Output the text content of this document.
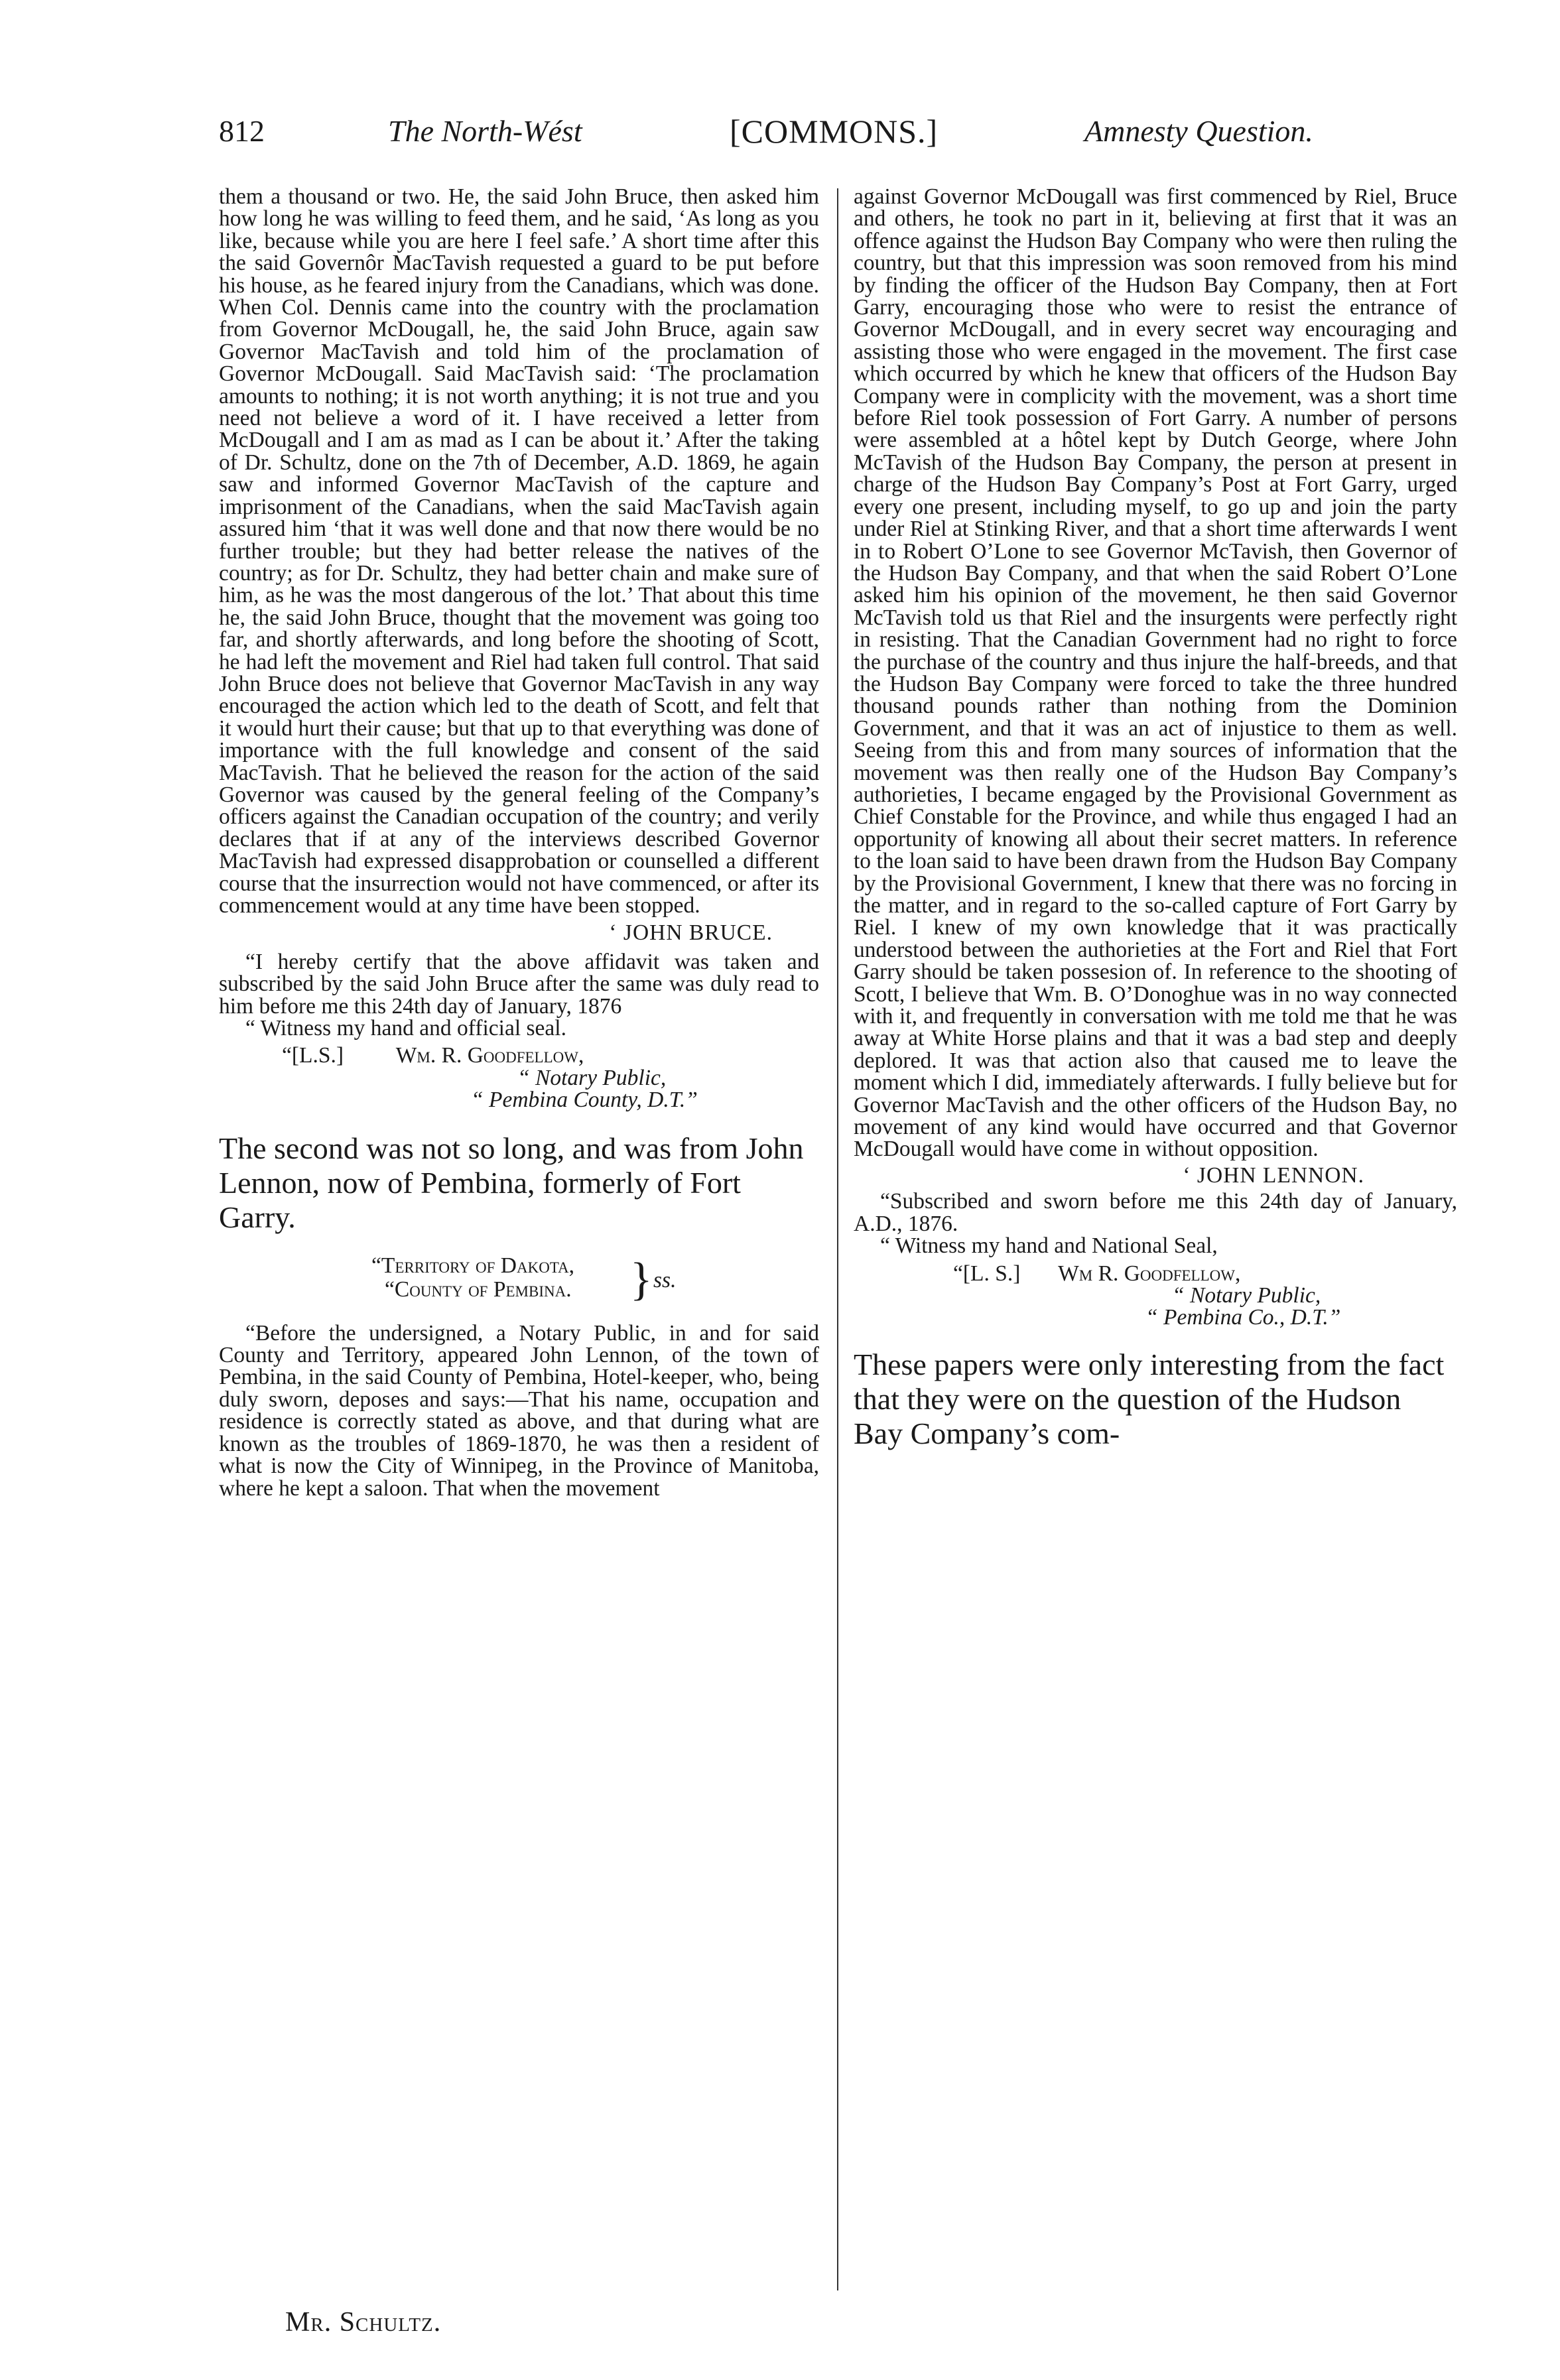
812	The North-Wést	[COMMONS.]	Amnesty Question.

them a thousand or two. He, the said John Bruce, then asked him how long he was willing to feed them, and he said, ‘As long as you like, because while you are here I feel safe.’ A short time after this the said Governôr MacTavish requested a guard to be put before his house, as he feared injury from the Canadians, which was done. When Col. Dennis came into the country with the proclamation from Governor McDougall, he, the said John Bruce, again saw Governor MacTavish and told him of the proclamation of Governor McDougall. Said MacTavish said: ‘The proclamation amounts to nothing; it is not worth anything; it is not true and you need not believe a word of it. I have received a letter from McDougall and I am as mad as I can be about it.’ After the taking of Dr. Schultz, done on the 7th of December, A.D. 1869, he again saw and informed Governor MacTavish of the capture and imprisonment of the Canadians, when the said MacTavish again assured him ‘that it was well done and that now there would be no further trouble; but they had better release the natives of the country; as for Dr. Schultz, they had better chain and make sure of him, as he was the most dangerous of the lot.’ That about this time he, the said John Bruce, thought that the movement was going too far, and shortly afterwards, and long before the shooting of Scott, he had left the movement and Riel had taken full control. That said John Bruce does not believe that Governor MacTavish in any way encouraged the action which led to the death of Scott, and felt that it would hurt their cause; but that up to that everything was done of importance with the full knowledge and consent of the said MacTavish. That he believed the reason for the action of the said Governor was caused by the general feeling of the Company’s officers against the Canadian occupation of the country; and verily declares that if at any of the interviews described Governor MacTavish had expressed disapprobation or counselled a different course that the insurrection would not have commenced, or after its commencement would at any time have been stopped.

‘ JOHN BRUCE.

“I hereby certify that the above affidavit was taken and subscribed by the said John Bruce after the same was duly read to him before me this 24th day of January, 1876

“ Witness my hand and official seal.

“[L.S.] Wm. R. Goodfellow,
“ Notary Public,
“ Pembina County, D.T.”

The second was not so long, and was from John Lennon, now of Pembina, formerly of Fort Garry.

“Territory of Dakota,
“County of Pembina. } ss.

“Before the undersigned, a Notary Public, in and for said County and Territory, appeared John Lennon, of the town of Pembina, in the said County of Pembina, Hotel-keeper, who, being duly sworn, deposes and says:—That his name, occupation and residence is correctly stated as above, and that during what are known as the troubles of 1869-1870, he was then a resident of what is now the City of Winnipeg, in the Province of Manitoba, where he kept a saloon. That when the movement

against Governor McDougall was first commenced by Riel, Bruce and others, he took no part in it, believing at first that it was an offence against the Hudson Bay Company who were then ruling the country, but that this impression was soon removed from his mind by finding the officer of the Hudson Bay Company, then at Fort Garry, encouraging those who were to resist the entrance of Governor McDougall, and in every secret way encouraging and assisting those who were engaged in the movement. The first case which occurred by which he knew that officers of the Hudson Bay Company were in complicity with the movement, was a short time before Riel took possession of Fort Garry. A number of persons were assembled at a hôtel kept by Dutch George, where John McTavish of the Hudson Bay Company, the person at present in charge of the Hudson Bay Company’s Post at Fort Garry, urged every one present, including myself, to go up and join the party under Riel at Stinking River, and that a short time afterwards I went in to Robert O’Lone to see Governor McTavish, then Governor of the Hudson Bay Company, and that when the said Robert O’Lone asked him his opinion of the movement, he then said Governor McTavish told us that Riel and the insurgents were perfectly right in resisting. That the Canadian Government had no right to force the purchase of the country and thus injure the half-breeds, and that the Hudson Bay Company were forced to take the three hundred thousand pounds rather than nothing from the Dominion Government, and that it was an act of injustice to them as well. Seeing from this and from many sources of information that the movement was then really one of the Hudson Bay Company’s authorieties, I became engaged by the Provisional Government as Chief Constable for the Province, and while thus engaged I had an opportunity of knowing all about their secret matters. In reference to the loan said to have been drawn from the Hudson Bay Company by the Provisional Government, I knew that there was no forcing in the matter, and in regard to the so-called capture of Fort Garry by Riel. I knew of my own knowledge that it was practically understood between the authorieties at the Fort and Riel that Fort Garry should be taken possesion of. In reference to the shooting of Scott, I believe that Wm. B. O’Donoghue was in no way connected with it, and frequently in conversation with me told me that he was away at White Horse plains and that it was a bad step and deeply deplored. It was that action also that caused me to leave the moment which I did, immediately afterwards. I fully believe but for Governor MacTavish and the other officers of the Hudson Bay, no movement of any kind would have occurred and that Governor McDougall would have come in without opposition.

‘ JOHN LENNON.

“Subscribed and sworn before me this 24th day of January, A.D., 1876.

“ Witness my hand and National Seal,

“[L. S.] Wm R. Goodfellow,
“ Notary Public,
“ Pembina Co., D.T.”

These papers were only interesting from the fact that they were on the question of the Hudson Bay Company’s com-

Mr. Schultz.
